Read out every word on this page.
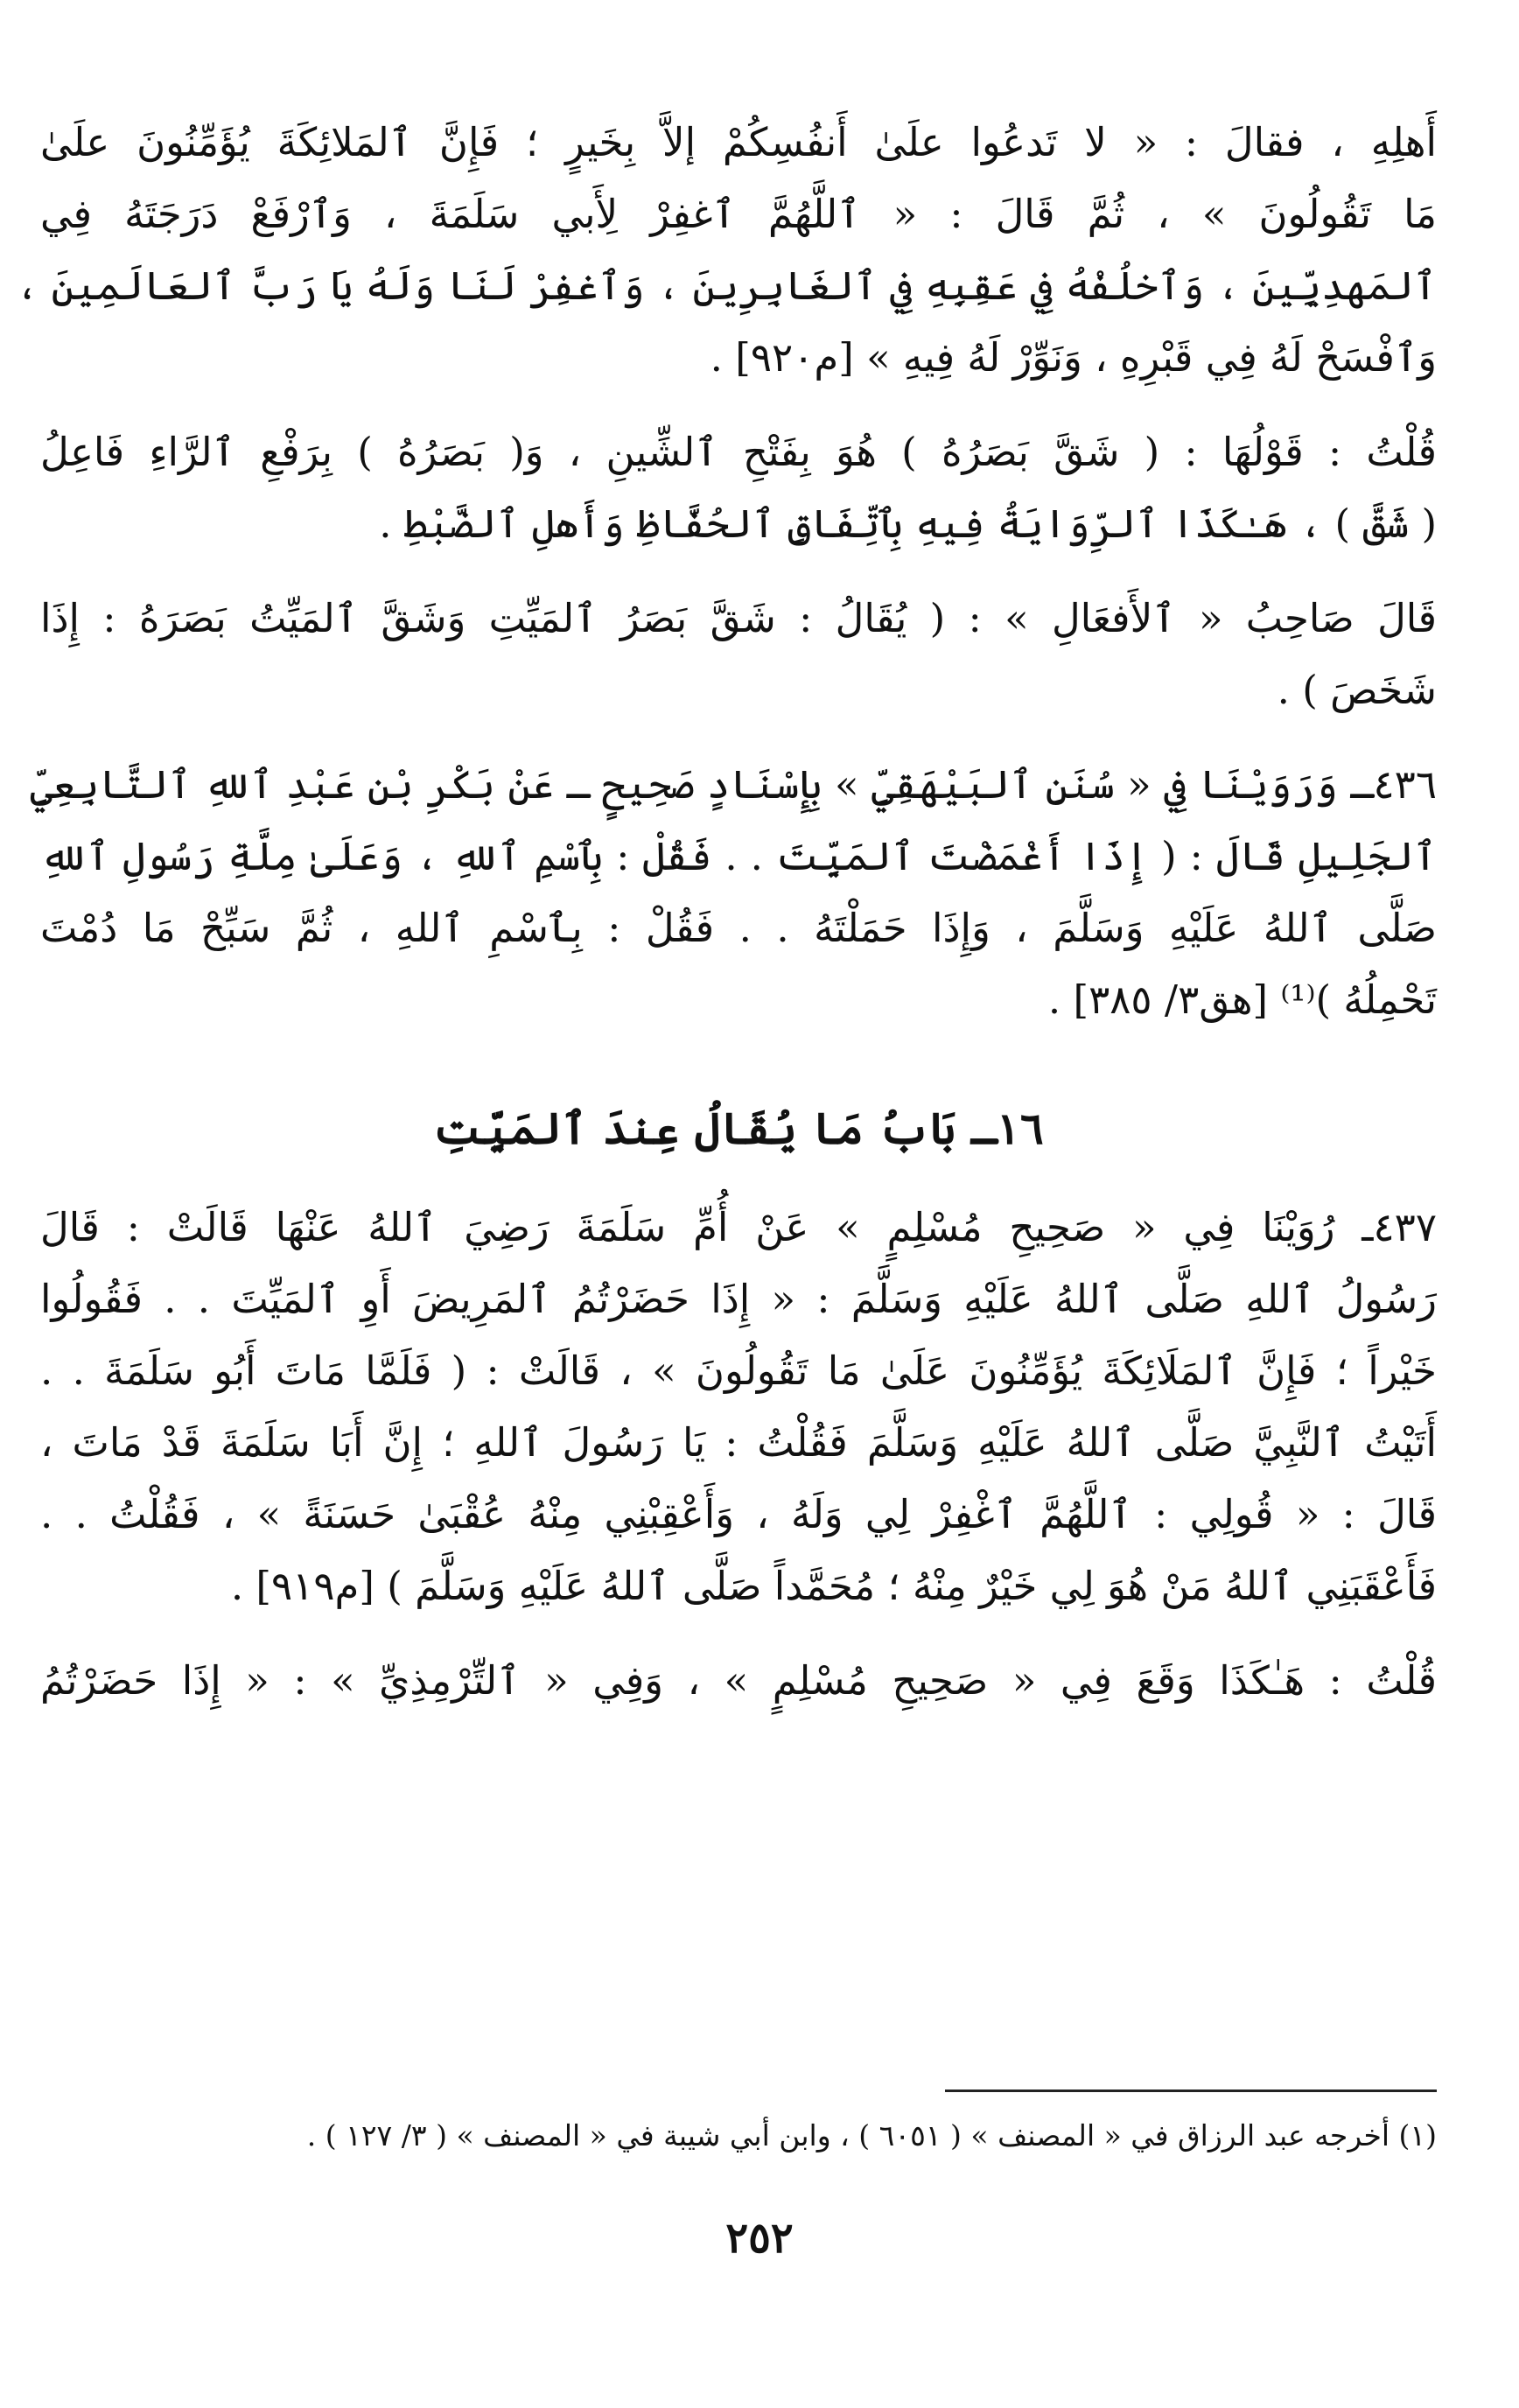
أَهلِهِ ، فقالَ : « لا تَدعُوا علَىٰ أَنفُسِكُمْ إلاَّ بِخَيرٍ ؛ فَإِنَّ ٱلمَلائِكَةَ يُؤَمِّنُونَ علَىٰ
مَا تَقُولُونَ » ، ثُمَّ قَالَ : « ٱللَّهُمَّ ٱغفِرْ لِأَبي سَلَمَةَ ، وَٱرْفَعْ دَرَجَتَهُ فِي
ٱلمَهدِيِّينَ ، وَٱخلُفْهُ فِي عَقِبِهِ فِي ٱلغَابِرِينَ ، وَٱغفِرْ لَنَا وَلَهُ يَا رَبَّ ٱلعَالَمِينَ ،
وَٱفْسَحْ لَهُ فِي قَبْرِهِ ، وَنَوِّرْ لَهُ فِيهِ » [م٩٢٠] .
قُلْتُ : قَوْلُهَا : ( شَقَّ بَصَرُهُ ) هُوَ بِفَتْحِ ٱلشِّينِ ، وَ( بَصَرُهُ ) بِرَفْعِ ٱلرَّاءِ فَاعِلُ
( شَقَّ ) ، هَـٰكَذَا ٱلرِّوَايَةُ فِيهِ بِٱتِّفَاقِ ٱلحُفَّاظِ وَأَهلِ ٱلضَّبْطِ .
قَالَ صَاحِبُ « ٱلأَفعَالِ » : ( يُقَالُ : شَقَّ بَصَرُ ٱلمَيِّتِ وَشَقَّ ٱلمَيِّتُ بَصَرَهُ : إِذَا
شَخَصَ ) .
٤٣٦ـ وَرَوَيْنَا فِي « سُنَنِ ٱلبَيْهَقِيِّ » بِإِسْنَادٍ صَحِيحٍ ـ عَنْ بَكْرِ بْنِ عَبْدِ ٱللهِ ٱلتَّابِعِيِّ
ٱلجَلِيلِ قَالَ : ( إِذَا أَغْمَضْتَ ٱلمَيِّتَ . . فَقُلْ : بِٱسْمِ ٱللهِ ، وَعَلَىٰ مِلَّةِ رَسُولِ ٱللهِ
صَلَّى ٱللهُ عَلَيْهِ وَسَلَّمَ ، وَإِذَا حَمَلْتَهُ . . فَقُلْ : بِٱسْمِ ٱللهِ ، ثُمَّ سَبِّحْ مَا دُمْتَ
تَحْمِلُهُ )⁽¹⁾ [هق٣/ ٣٨٥] .
١٦ـ بَابُ مَا يُقَالُ عِندَ ٱلمَيِّتِ
٤٣٧ـ رُوَيْنَا فِي « صَحِيحِ مُسْلِمٍ » عَنْ أُمِّ سَلَمَةَ رَضِيَ ٱللهُ عَنْهَا قَالَتْ : قَالَ
رَسُولُ ٱللهِ صَلَّى ٱللهُ عَلَيْهِ وَسَلَّمَ : « إِذَا حَضَرْتُمُ ٱلمَرِيضَ أَوِ ٱلمَيِّتَ . . فَقُولُوا
خَيْراً ؛ فَإِنَّ ٱلمَلَائِكَةَ يُؤَمِّنُونَ عَلَىٰ مَا تَقُولُونَ » ، قَالَتْ : ( فَلَمَّا مَاتَ أَبُو سَلَمَةَ . .
أَتَيْتُ ٱلنَّبِيَّ صَلَّى ٱللهُ عَلَيْهِ وَسَلَّمَ فَقُلْتُ : يَا رَسُولَ ٱللهِ ؛ إِنَّ أَبَا سَلَمَةَ قَدْ مَاتَ ،
قَالَ : « قُولِي : ٱللَّهُمَّ ٱغْفِرْ لِي وَلَهُ ، وَأَعْقِبْنِي مِنْهُ عُقْبَىٰ حَسَنَةً » ، فَقُلْتُ . .
فَأَعْقَبَنِي ٱللهُ مَنْ هُوَ لِي خَيْرٌ مِنْهُ ؛ مُحَمَّداً صَلَّى ٱللهُ عَلَيْهِ وَسَلَّمَ ) [م٩١٩] .
قُلْتُ : هَـٰكَذَا وَقَعَ فِي « صَحِيحِ مُسْلِمٍ » ، وَفِي « ٱلتِّرْمِذِيِّ » : « إِذَا حَضَرْتُمُ
(١) أخرجه عبد الرزاق في « المصنف » ( ٦٠٥١ ) ، وابن أبي شيبة في « المصنف » ( ٣/ ١٢٧ ) .
٢٥٢
